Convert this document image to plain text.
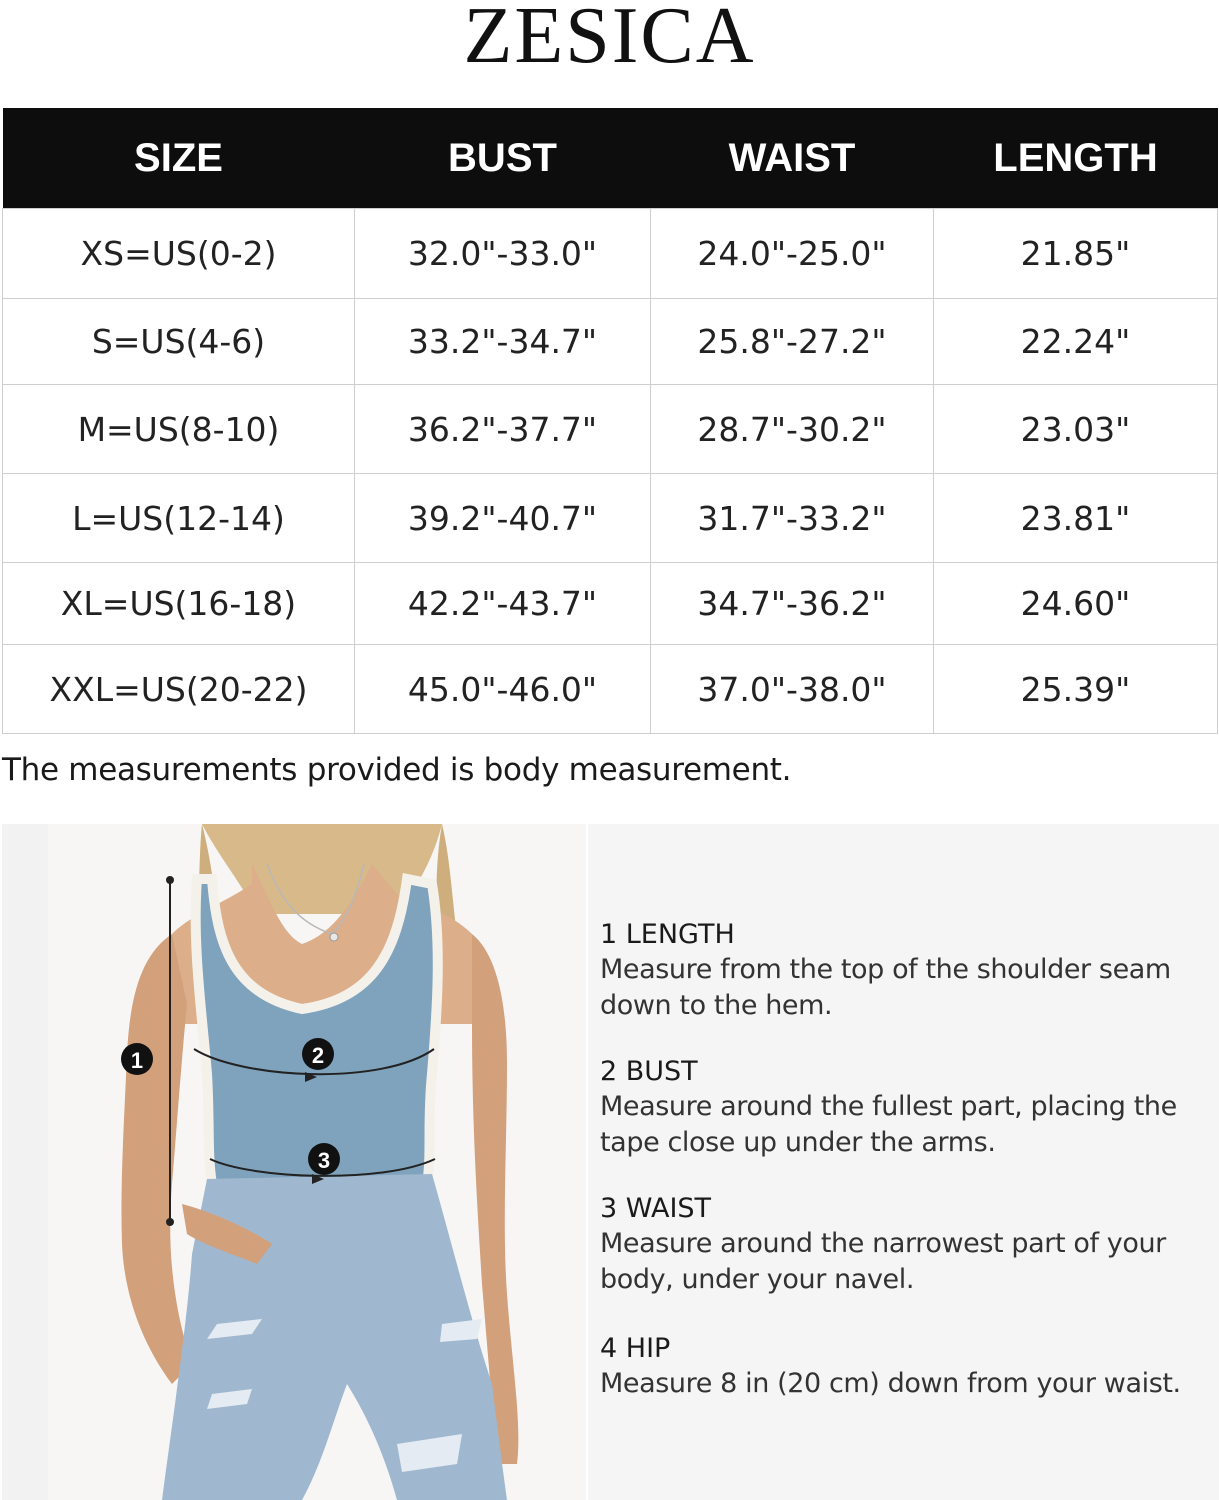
ZESICA
SIZE	BUST	WAIST	LENGTH
XS=US(0-2)	32.0"-33.0"	24.0"-25.0"	21.85"
S=US(4-6)	33.2"-34.7"	25.8"-27.2"	22.24"
M=US(8-10)	36.2"-37.7"	28.7"-30.2"	23.03"
L=US(12-14)	39.2"-40.7"	31.7"-33.2"	23.81"
XL=US(16-18)	42.2"-43.7"	34.7"-36.2"	24.60"
XXL=US(20-22)	45.0"-46.0"	37.0"-38.0"	25.39"
The measurements provided is body measurement.
1	2
3
1 LENGTH
Measure from the top of the shoulder seam down to the hem.
2 BUST
Measure around the fullest part, placing the tape close up under the arms.
3 WAIST
Measure around the narrowest part of your body, under your navel.
4 HIP
Measure 8 in (20 cm) down from your waist.
